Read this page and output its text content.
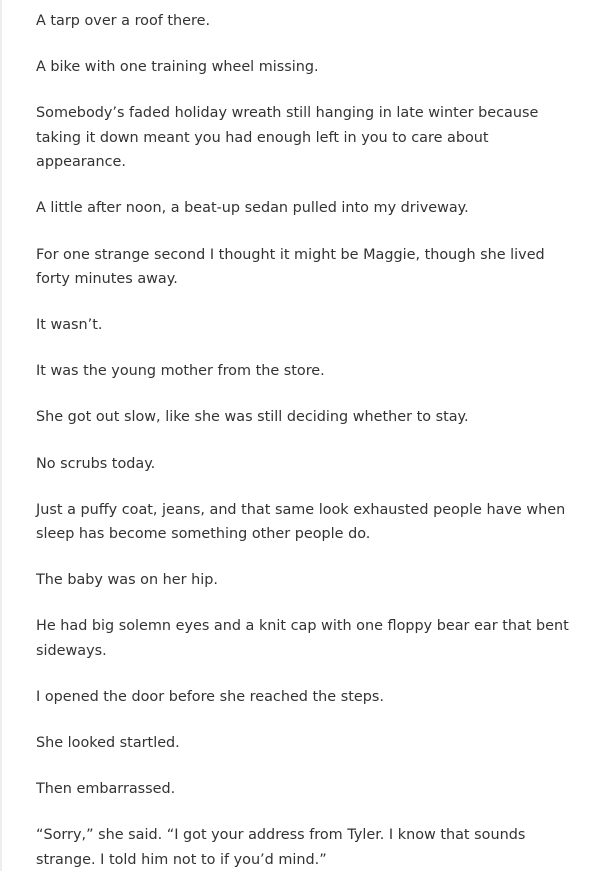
A tarp over a roof there.

A bike with one training wheel missing.

Somebody’s faded holiday wreath still hanging in late winter because taking it down meant you had enough left in you to care about appearance.

A little after noon, a beat-up sedan pulled into my driveway.

For one strange second I thought it might be Maggie, though she lived forty minutes away.

It wasn’t.

It was the young mother from the store.

She got out slow, like she was still deciding whether to stay.

No scrubs today.

Just a puffy coat, jeans, and that same look exhausted people have when sleep has become something other people do.

The baby was on her hip.

He had big solemn eyes and a knit cap with one floppy bear ear that bent sideways.

I opened the door before she reached the steps.

She looked startled.

Then embarrassed.

“Sorry,” she said. “I got your address from Tyler. I know that sounds strange. I told him not to if you’d mind.”
